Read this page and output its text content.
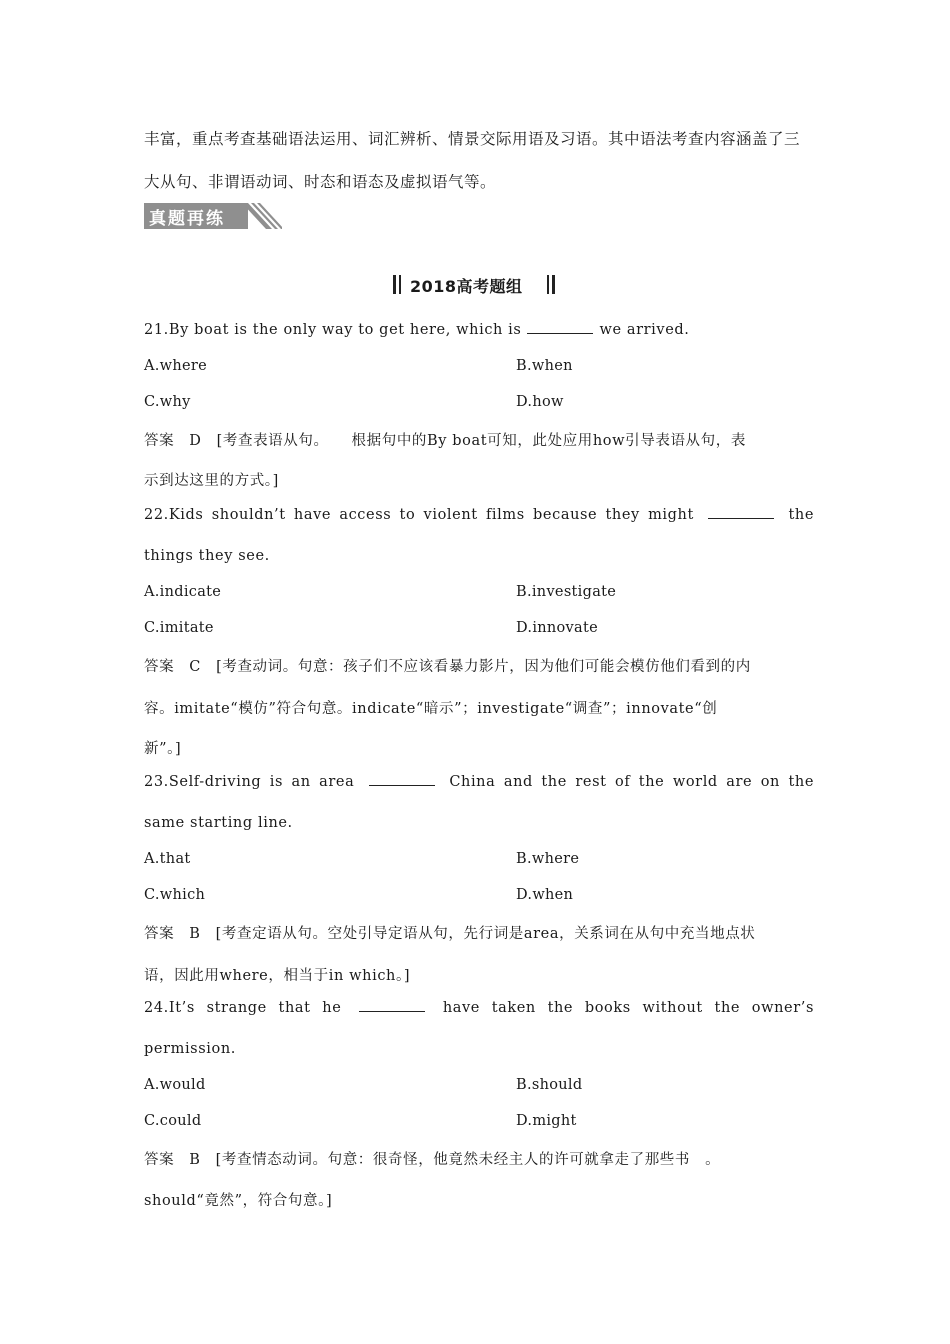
丰富，重点考查基础语法运用、词汇辨析、情景交际用语及习语。其中语法考查内容涵盖了三
大从句、非谓语动词、时态和语态及虚拟语气等。
真题再练
2018高考题组
21.By boat is the only way to get here, which is	we arrived.
A.where	B.when
C.why	D.how
答案　D　[考查表语从句。　　根据句中的By boat可知，此处应用how引导表语从句，表
示到达这里的方式。]
22.Kids shouldn’t have access to violent films because they might	the
things they see.
A.indicate	B.investigate
C.imitate	D.innovate
答案　C　[考查动词。句意：孩子们不应该看暴力影片，因为他们可能会模仿他们看到的内
容。imitate“模仿”符合句意。indicate“暗示”；investigate“调查”；innovate“创
新”。]
23.Self-driving is an area	China and the rest of the world are on the
same starting line.
A.that	B.where
C.which	D.when
答案　B　[考查定语从句。空处引导定语从句，先行词是area，关系词在从句中充当地点状
语，因此用where，相当于in which。]
24.It’s strange that he	have taken the books without the owner’s
permission.
A.would	B.should
C.could	D.might
答案　B　[考查情态动词。句意：很奇怪，他竟然未经主人的许可就拿走了那些书　。
should“竟然”，符合句意。]
